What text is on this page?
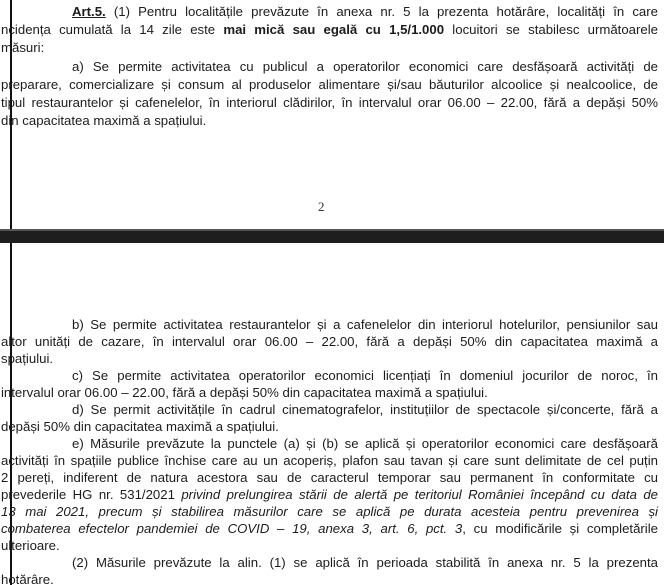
Art.5. (1) Pentru localitățile prevăzute în anexa nr. 5 la prezenta hotărâre, localități în care
ncidența cumulată la 14 zile este mai mică sau egală cu 1,5/1.000 locuitori se stabilesc următoarele
măsuri:
a) Se permite activitatea cu publicul a operatorilor economici care desfășoară activități de
preparare, comercializare și consum al produselor alimentare și/sau băuturilor alcoolice și nealcoolice, de
tipul restaurantelor și cafenelelor, în interiorul clădirilor, în intervalul orar 06.00 – 22.00, fără a depăși 50%
din capacitatea maximă a spațiului.
2
b) Se permite activitatea restaurantelor și a cafenelelor din interiorul hotelurilor, pensiunilor sau
altor unități de cazare, în intervalul orar 06.00 – 22.00, fără a depăși 50% din capacitatea maximă a
spațiului.
c) Se permite activitatea operatorilor economici licențiați în domeniul jocurilor de noroc, în
intervalul orar 06.00 – 22.00, fără a depăși 50% din capacitatea maximă a spațiului.
d) Se permit activitățile în cadrul cinematografelor, instituțiilor de spectacole și/concerte, fără a
depăși 50% din capacitatea maximă a spațiului.
e) Măsurile prevăzute la punctele (a) și (b) se aplică și operatorilor economici care desfășoară
activități în spațiile publice închise care au un acoperiș, plafon sau tavan și care sunt delimitate de cel puțin
2 pereți, indiferent de natura acestora sau de caracterul temporar sau permanent în conformitate cu
prevederile HG nr. 531/2021 privind prelungirea stării de alertă pe teritoriul României începând cu data de
13 mai 2021, precum și stabilirea măsurilor care se aplică pe durata acesteia pentru prevenirea și
combaterea efectelor pandemiei de COVID – 19, anexa 3, art. 6, pct. 3, cu modificările și completările
ulterioare.
(2) Măsurile prevăzute la alin. (1) se aplică în perioada stabilită în anexa nr. 5 la prezenta
hotărâre.
